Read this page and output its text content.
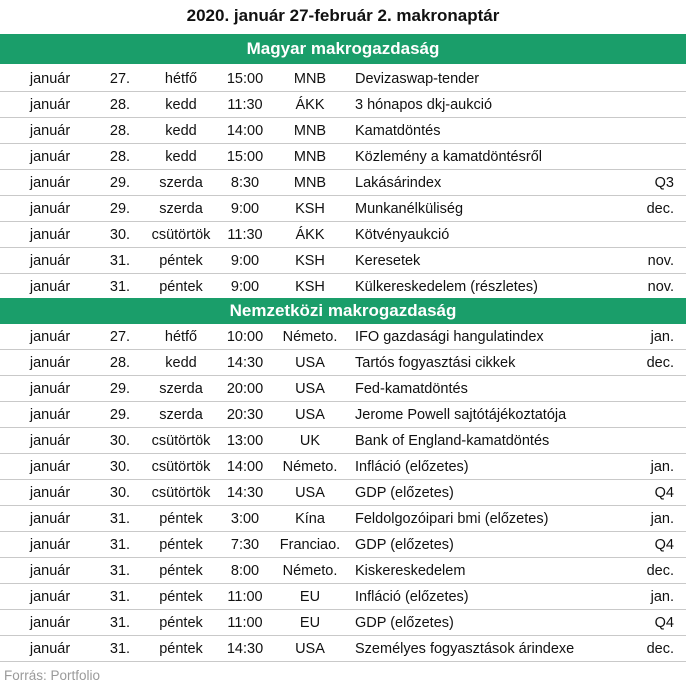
2020. január 27-február 2. makronaptár
Magyar makrogazdaság
január	27.	hétfő	15:00	MNB	Devizaswap-tender
január	28.	kedd	11:30	ÁKK	3 hónapos dkj-aukció
január	28.	kedd	14:00	MNB	Kamatdöntés
január	28.	kedd	15:00	MNB	Közlemény a kamatdöntésről
január	29.	szerda	8:30	MNB	Lakásárindex	Q3
január	29.	szerda	9:00	KSH	Munkanélküliség	dec.
január	30.	csütörtök	11:30	ÁKK	Kötvényaukció
január	31.	péntek	9:00	KSH	Keresetek	nov.
január	31.	péntek	9:00	KSH	Külkereskedelem (részletes)	nov.
Nemzetközi makrogazdaság
január	27.	hétfő	10:00	Németo.	IFO gazdasági hangulatindex	jan.
január	28.	kedd	14:30	USA	Tartós fogyasztási cikkek	dec.
január	29.	szerda	20:00	USA	Fed-kamatdöntés
január	29.	szerda	20:30	USA	Jerome Powell sajtótájékoztatója
január	30.	csütörtök	13:00	UK	Bank of England-kamatdöntés
január	30.	csütörtök	14:00	Németo.	Infláció (előzetes)	jan.
január	30.	csütörtök	14:30	USA	GDP (előzetes)	Q4
január	31.	péntek	3:00	Kína	Feldolgozóipari bmi (előzetes)	jan.
január	31.	péntek	7:30	Franciao.	GDP (előzetes)	Q4
január	31.	péntek	8:00	Németo.	Kiskereskedelem	dec.
január	31.	péntek	11:00	EU	Infláció (előzetes)	jan.
január	31.	péntek	11:00	EU	GDP (előzetes)	Q4
január	31.	péntek	14:30	USA	Személyes fogyasztások árindexe	dec.
Forrás: Portfolio
